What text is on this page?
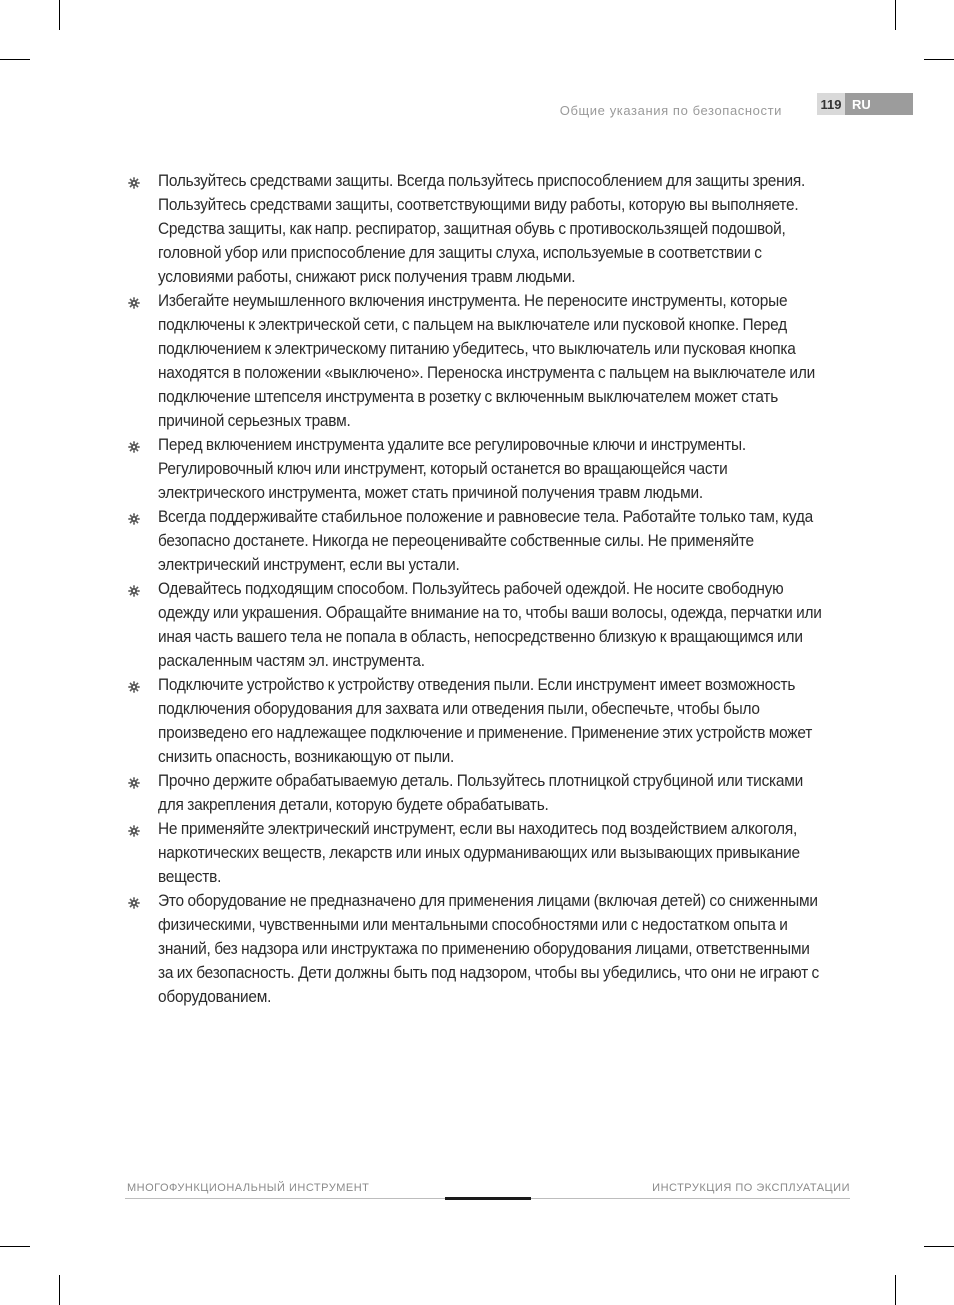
Общие указания по безопасности	119 RU
Пользуйтесь средствами защиты. Всегда пользуйтесь приспособлением для защиты зрения. Пользуйтесь средствами защиты, соответствующими виду работы, которую вы выполняете. Средства защиты, как напр. респиратор, защитная обувь с противоскользящей подошвой, головной убор или приспособление для защиты слуха, используемые в соответствии с условиями работы, снижают риск получения травм людьми.
Избегайте неумышленного включения инструмента. Не переносите инструменты, которые подключены к электрической сети, с пальцем на выключателе или пусковой кнопке. Перед подключением к электрическому питанию убедитесь, что выключатель или пусковая кнопка находятся в положении «выключено». Переноска инструмента с пальцем на выключателе или подключение штепселя инструмента в розетку с включенным выключателем может стать причиной серьезных травм.
Перед включением инструмента удалите все регулировочные ключи и инструменты. Регулировочный ключ или инструмент, который останется во вращающейся части электрического инструмента, может стать причиной получения травм людьми.
Всегда поддерживайте стабильное положение и равновесие тела. Работайте только там, куда безопасно достанете. Никогда не переоценивайте собственные силы. Не применяйте электрический инструмент, если вы устали.
Одевайтесь подходящим способом. Пользуйтесь рабочей одеждой. Не носите свободную одежду или украшения. Обращайте внимание на то, чтобы ваши волосы, одежда, перчатки или иная часть вашего тела не попала в область, непосредственно близкую к вращающимся или раскаленным частям эл. инструмента.
Подключите устройство к устройству отведения пыли. Если инструмент имеет возможность подключения оборудования для захвата или отведения пыли, обеспечьте, чтобы было произведено его надлежащее подключение и применение. Применение этих устройств может снизить опасность, возникающую от пыли.
Прочно держите обрабатываемую деталь. Пользуйтесь плотницкой струбциной или тисками для закрепления детали, которую будете обрабатывать.
Не применяйте электрический инструмент, если вы находитесь под воздействием алкоголя, наркотических веществ, лекарств или иных одурманивающих или вызывающих привыкание веществ.
Это оборудование не предназначено для применения лицами (включая детей) со сниженными физическими, чувственными или ментальными способностями или с недостатком опыта и знаний, без надзора или инструктажа по применению оборудования лицами, ответственными за их безопасность. Дети должны быть под надзором, чтобы вы убедились, что они не играют с оборудованием.
МНОГОФУНКЦИОНАЛЬНЫЙ ИНСТРУМЕНТ	ИНСТРУКЦИЯ ПО ЭКСПЛУАТАЦИИ
